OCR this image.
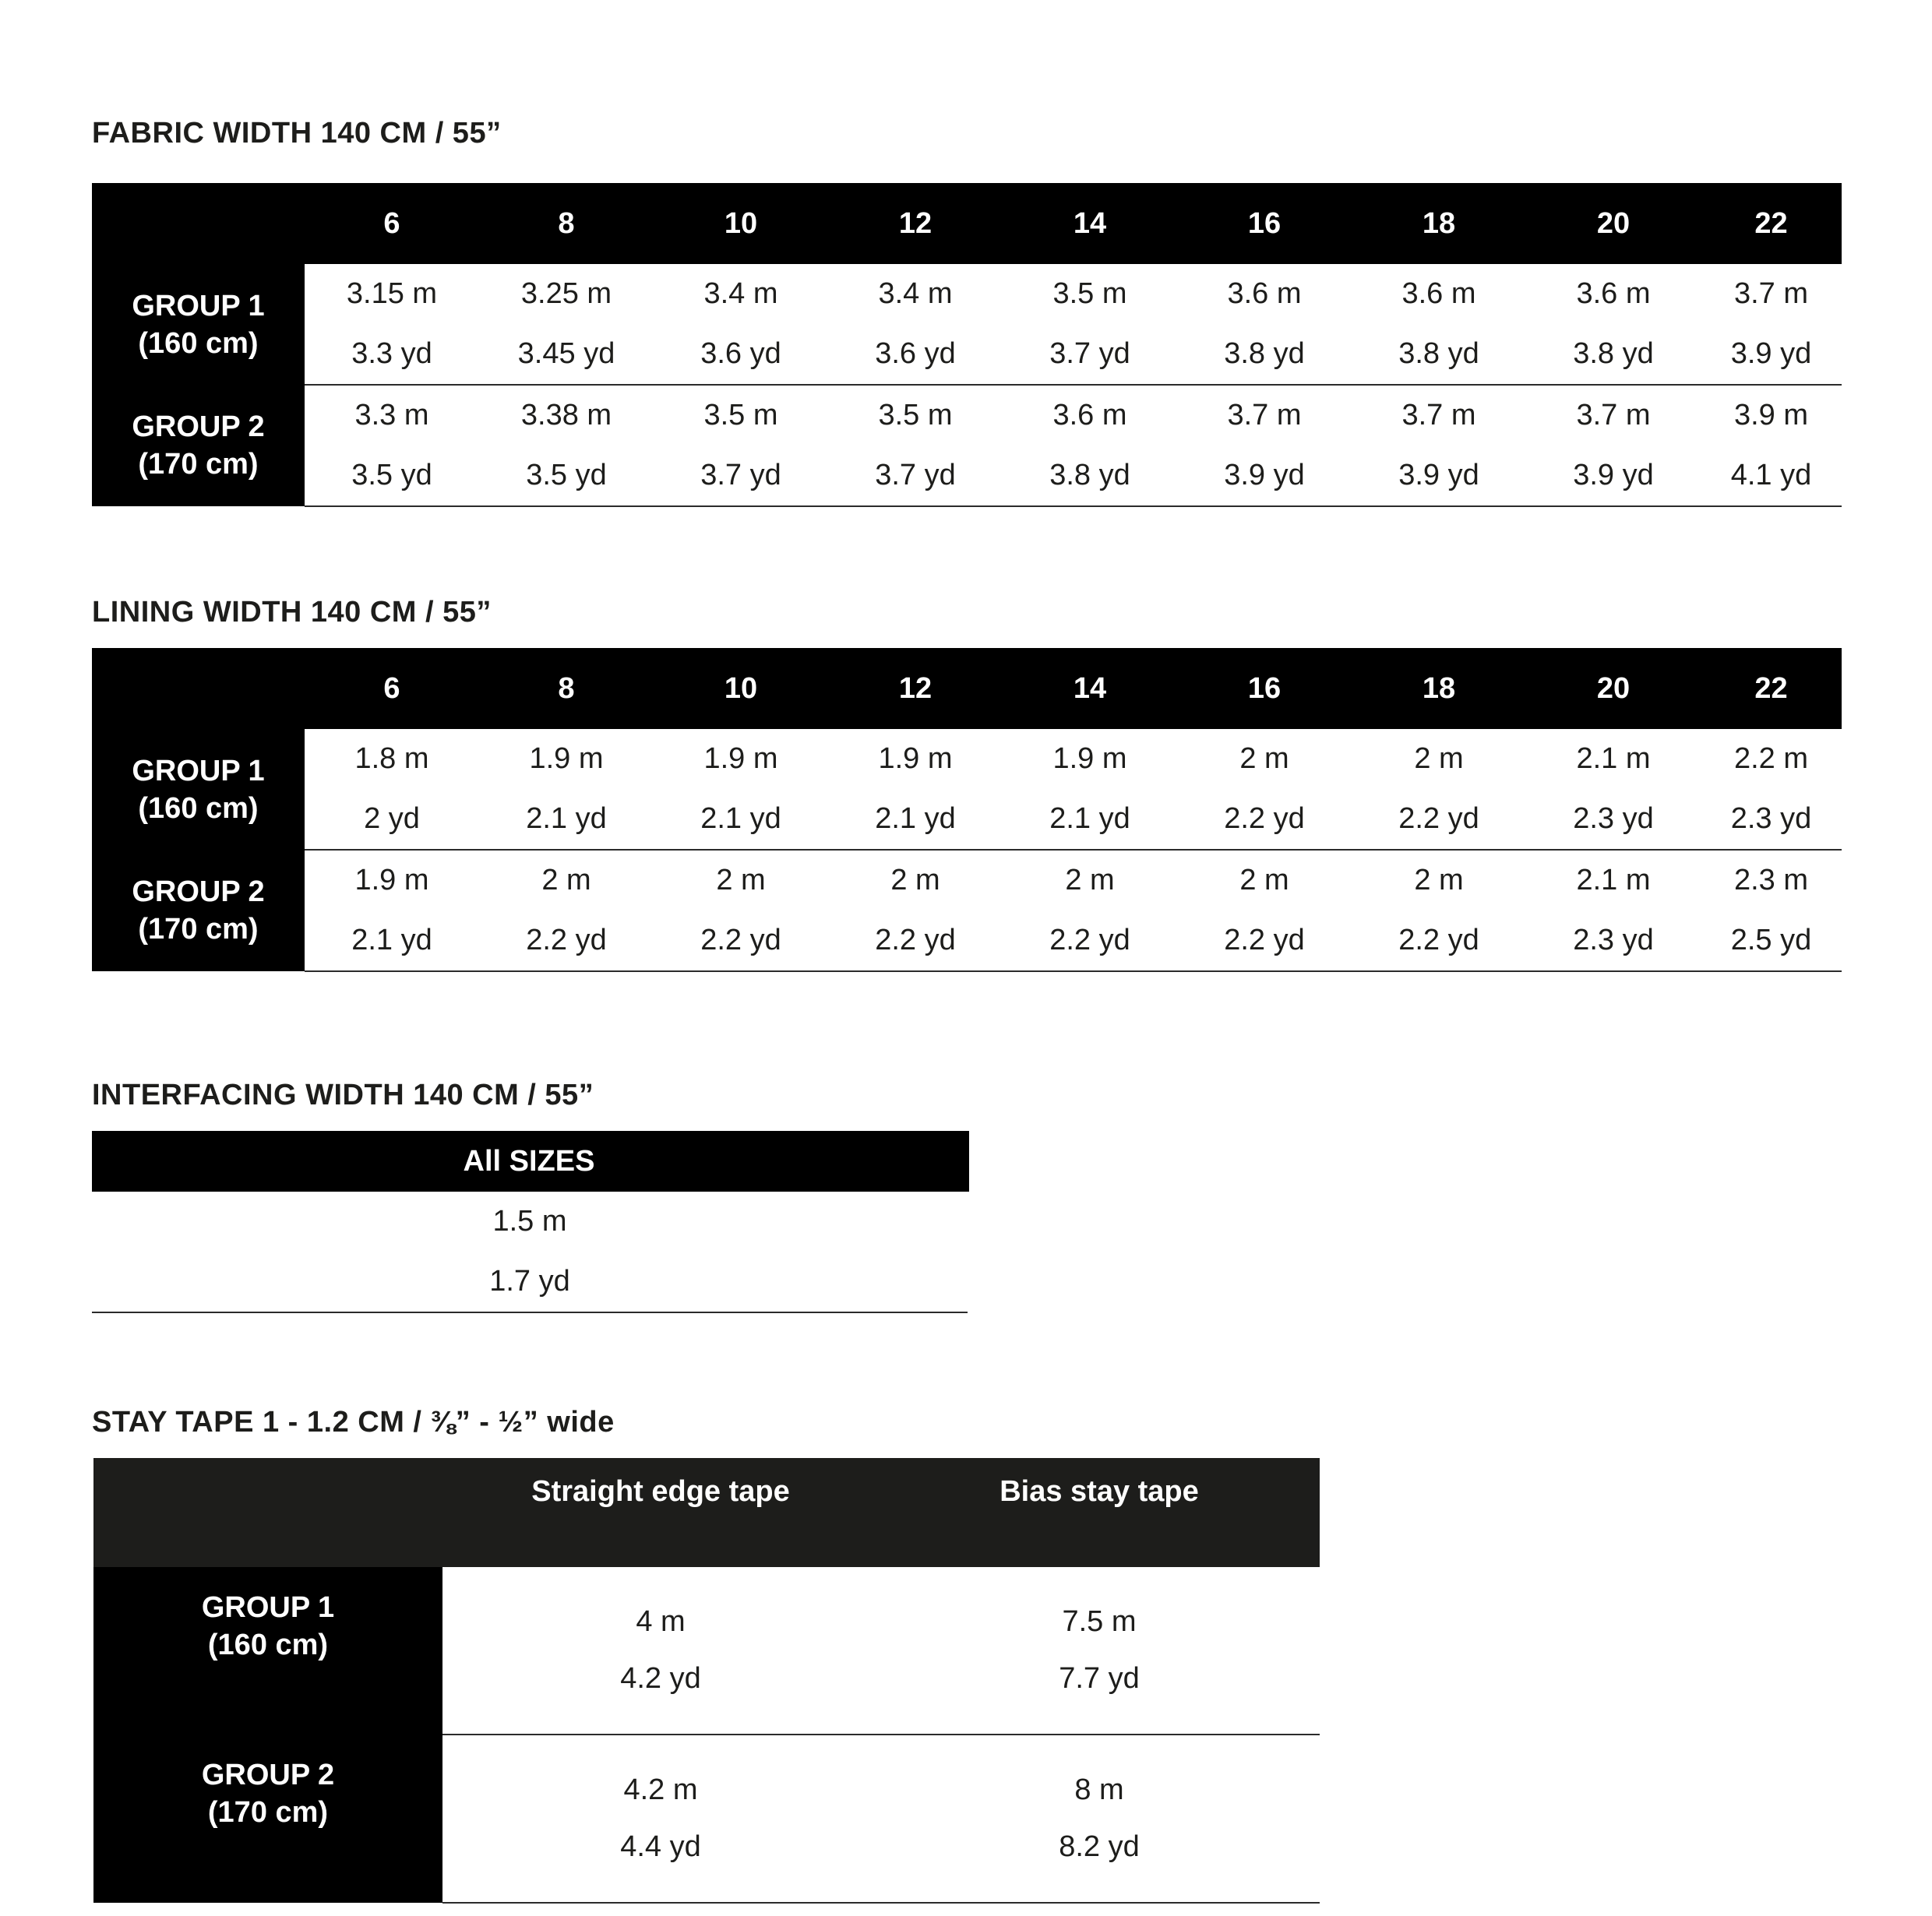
FABRIC WIDTH 140 CM / 55”
	6	8	10	12	14	16	18	20	22

GROUP 1
(160 cm)	3.15 m	3.25 m	3.4 m	3.4 m	3.5 m	3.6 m	3.6 m	3.6 m	3.7 m
	3.3 yd	3.45 yd	3.6 yd	3.6 yd	3.7 yd	3.8 yd	3.8 yd	3.8 yd	3.9 yd

GROUP 2
(170 cm)	3.3 m	3.38 m	3.5 m	3.5 m	3.6 m	3.7 m	3.7 m	3.7 m	3.9 m
	3.5 yd	3.5 yd	3.7 yd	3.7 yd	3.8 yd	3.9 yd	3.9 yd	3.9 yd	4.1 yd
LINING WIDTH 140 CM / 55”
	6	8	10	12	14	16	18	20	22

GROUP 1
(160 cm)	1.8 m	1.9 m	1.9 m	1.9 m	1.9 m	2 m	2 m	2.1 m	2.2 m
	2 yd	2.1 yd	2.1 yd	2.1 yd	2.1 yd	2.2 yd	2.2 yd	2.3 yd	2.3 yd

GROUP 2
(170 cm)	1.9 m	2 m	2 m	2 m	2 m	2 m	2 m	2.1 m	2.3 m
	2.1 yd	2.2 yd	2.2 yd	2.2 yd	2.2 yd	2.2 yd	2.2 yd	2.3 yd	2.5 yd
INTERFACING WIDTH 140 CM / 55”
All SIZES
1.5 m
1.7 yd
STAY TAPE 1 - 1.2 CM / ⅜” - ½” wide
	Straight edge tape	Bias stay tape

GROUP 1
(160 cm)	4 m	7.5 m
	4.2 yd	7.7 yd

GROUP 2
(170 cm)	4.2 m	8 m
	4.4 yd	8.2 yd
